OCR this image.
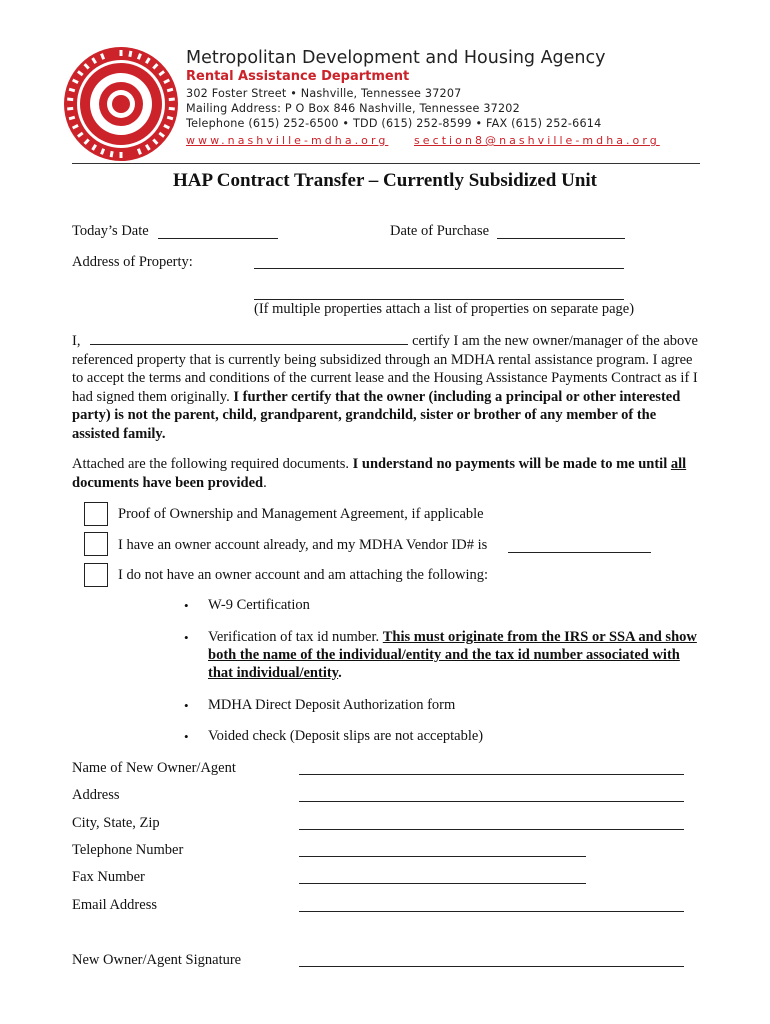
Metropolitan Development and Housing Agency
Rental Assistance Department
302 Foster Street • Nashville, Tennessee 37207
Mailing Address: P O Box 846 Nashville, Tennessee 37202
Telephone (615) 252-6500 • TDD (615) 252-8599 • FAX (615) 252-6614
www.nashville-mdha.org section8@nashville-mdha.org
HAP Contract Transfer – Currently Subsidized Unit
Today’s Date	Date of Purchase
Address of Property:
(If multiple properties attach a list of properties on separate page)
I,	certify I am the new owner/manager of the above referenced property that is currently being subsidized through an MDHA rental assistance program. I agree to accept the terms and conditions of the current lease and the Housing Assistance Payments Contract as if I had signed them originally. I further certify that the owner (including a principal or other interested party) is not the parent, child, grandparent, grandchild, sister or brother of any member of the assisted family.
Attached are the following required documents. I understand no payments will be made to me until all documents have been provided.
Proof of Ownership and Management Agreement, if applicable
I have an owner account already, and my MDHA Vendor ID# is
I do not have an owner account and am attaching the following:
• W-9 Certification
• Verification of tax id number. This must originate from the IRS or SSA and show both the name of the individual/entity and the tax id number associated with that individual/entity.
• MDHA Direct Deposit Authorization form
• Voided check (Deposit slips are not acceptable)
Name of New Owner/Agent
Address
City, State, Zip
Telephone Number
Fax Number
Email Address
New Owner/Agent Signature
